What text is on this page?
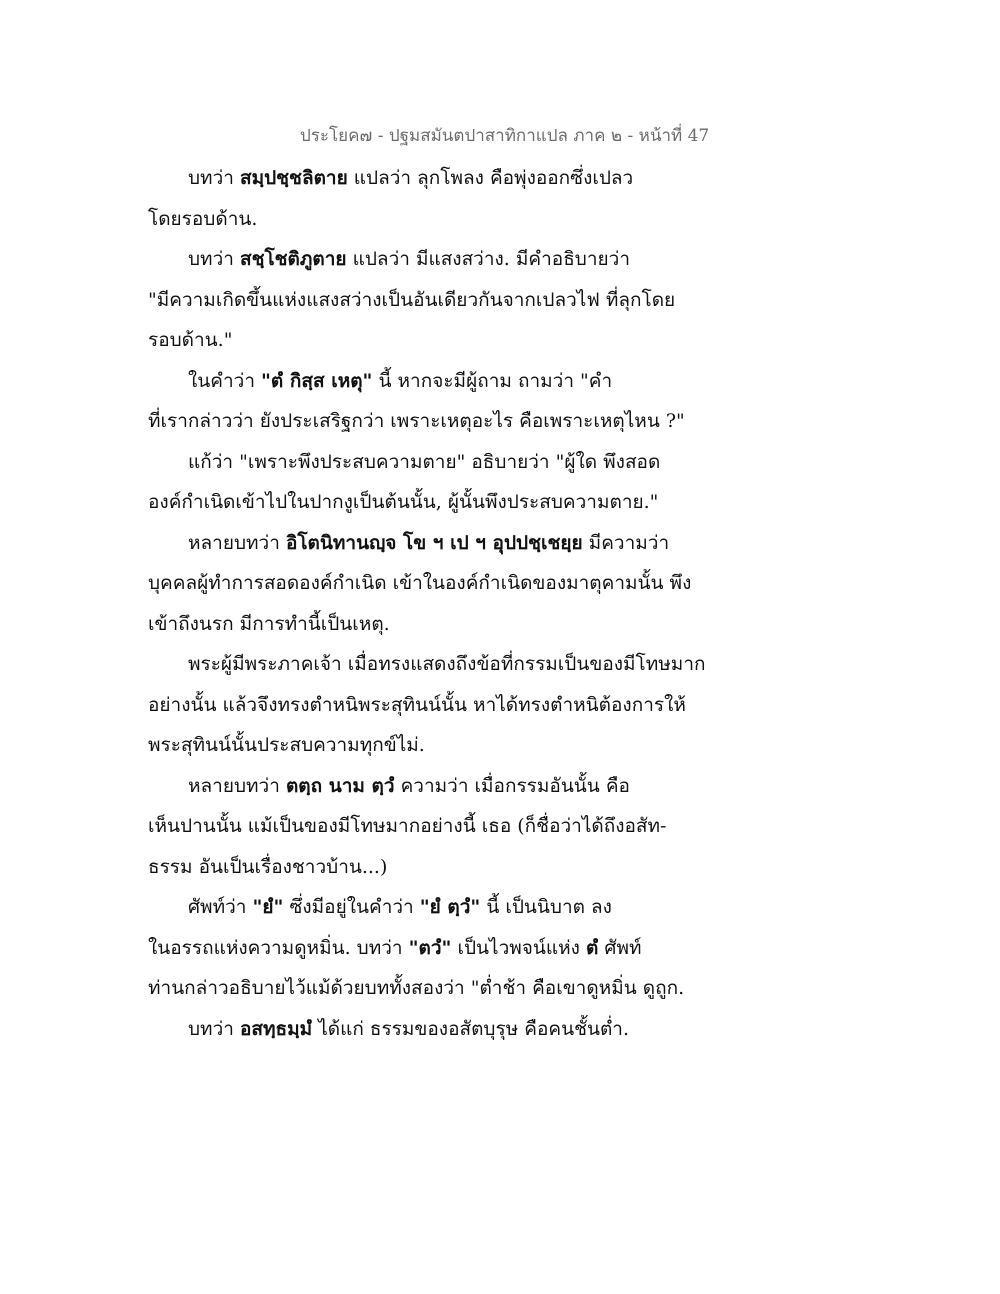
ประโยค๗ - ปฐมสมันตปาสาทิกาแปล ภาค ๒ - หน้าที่ 47
บทว่า สมฺปชฺชลิตาย แปลว่า ลุกโพลง คือพุ่งออกซึ่งเปลว
โดยรอบด้าน.
บทว่า สชฺโชติภูตาย แปลว่า มีแสงสว่าง. มีคำอธิบายว่า
"มีความเกิดขึ้นแห่งแสงสว่างเป็นอันเดียวกันจากเปลวไฟ ที่ลุกโดย
รอบด้าน."
ในคำว่า "ตํ กิสฺส เหตุ" นี้ หากจะมีผู้ถาม ถามว่า "คำ
ที่เรากล่าวว่า ยังประเสริฐกว่า เพราะเหตุอะไร คือเพราะเหตุไหน ?"
แก้ว่า "เพราะพึงประสบความตาย" อธิบายว่า "ผู้ใด พึงสอด
องค์กำเนิดเข้าไปในปากงูเป็นต้นนั้น, ผู้นั้นพึงประสบความตาย."
หลายบทว่า อิโตนิทานญฺจ โข ฯ เป ฯ อุปปชฺเชยฺย มีความว่า
บุคคลผู้ทำการสอดองค์กำเนิด เข้าในองค์กำเนิดของมาตุคามนั้น พึง
เข้าถึงนรก มีการทำนี้เป็นเหตุ.
พระผู้มีพระภาคเจ้า เมื่อทรงแสดงถึงข้อที่กรรมเป็นของมีโทษมาก
อย่างนั้น แล้วจึงทรงตำหนิพระสุทินน์นั้น หาได้ทรงตำหนิต้องการให้
พระสุทินน์นั้นประสบความทุกข์ไม่.
หลายบทว่า ตตฺถ นาม ตฺวํ ความว่า เมื่อกรรมอันนั้น คือ
เห็นปานนั้น แม้เป็นของมีโทษมากอย่างนี้ เธอ (ก็ชื่อว่าได้ถึงอสัท-
ธรรม อันเป็นเรื่องชาวบ้าน...)
ศัพท์ว่า "ยํ" ซึ่งมีอยู่ในคำว่า "ยํ ตฺวํ" นี้ เป็นนิบาต ลง
ในอรรถแห่งความดูหมิ่น. บทว่า "ตวํ" เป็นไวพจน์แห่ง ตํ ศัพท์
ท่านกล่าวอธิบายไว้แม้ด้วยบททั้งสองว่า "ต่ำช้า คือเขาดูหมิ่น ดูถูก.
บทว่า อสทฺธมฺมํ ได้แก่ ธรรมของอสัตบุรุษ คือคนชั้นต่ำ.
